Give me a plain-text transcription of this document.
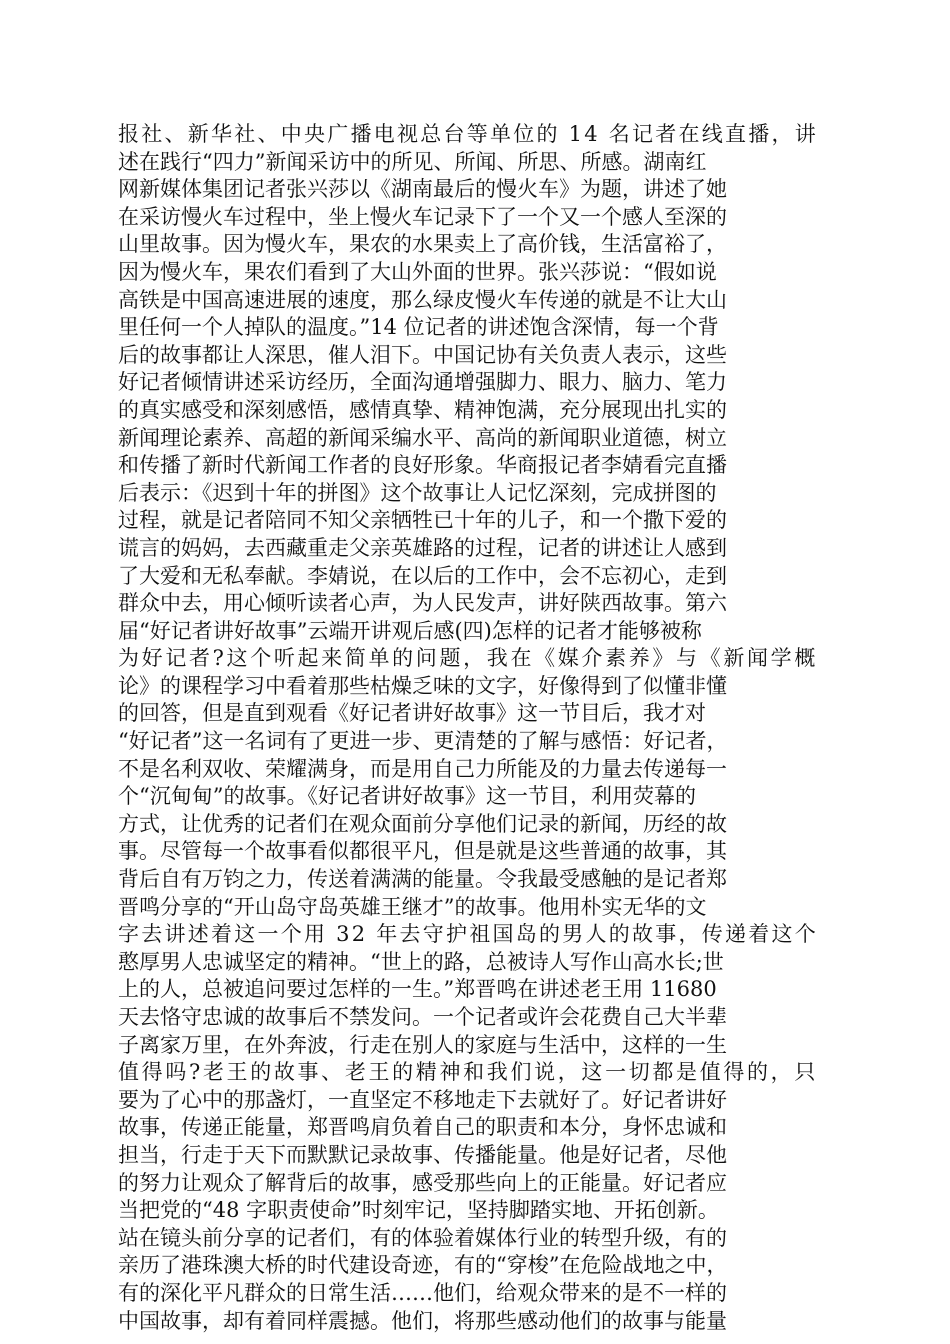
报社、新华社、中央广播电视总台等单位的 14 名记者在线直播，讲
述在践行“四力”新闻采访中的所见、所闻、所思、所感。湖南红
网新媒体集团记者张兴莎以《湖南最后的慢火车》为题，讲述了她
在采访慢火车过程中，坐上慢火车记录下了一个又一个感人至深的
山里故事。因为慢火车，果农的水果卖上了高价钱，生活富裕了，
因为慢火车，果农们看到了大山外面的世界。张兴莎说：“假如说
高铁是中国高速进展的速度，那么绿皮慢火车传递的就是不让大山
里任何一个人掉队的温度。”14 位记者的讲述饱含深情，每一个背
后的故事都让人深思，催人泪下。中国记协有关负责人表示，这些
好记者倾情讲述采访经历，全面沟通增强脚力、眼力、脑力、笔力
的真实感受和深刻感悟，感情真挚、精神饱满，充分展现出扎实的
新闻理论素养、高超的新闻采编水平、高尚的新闻职业道德，树立
和传播了新时代新闻工作者的良好形象。华商报记者李婧看完直播
后表示：《迟到十年的拼图》这个故事让人记忆深刻，完成拼图的
过程，就是记者陪同不知父亲牺牲已十年的儿子，和一个撒下爱的
谎言的妈妈，去西藏重走父亲英雄路的过程，记者的讲述让人感到
了大爱和无私奉献。李婧说，在以后的工作中，会不忘初心，走到
群众中去，用心倾听读者心声，为人民发声，讲好陕西故事。第六
届“好记者讲好故事”云端开讲观后感(四)怎样的记者才能够被称
为好记者?这个听起来简单的问题，我在《媒介素养》与《新闻学概
论》的课程学习中看着那些枯燥乏味的文字，好像得到了似懂非懂
的回答，但是直到观看《好记者讲好故事》这一节目后，我才对
“好记者”这一名词有了更进一步、更清楚的了解与感悟：好记者，
不是名利双收、荣耀满身，而是用自己力所能及的力量去传递每一
个“沉甸甸”的故事。《好记者讲好故事》这一节目，利用荧幕的
方式，让优秀的记者们在观众面前分享他们记录的新闻，历经的故
事。尽管每一个故事看似都很平凡，但是就是这些普通的故事，其
背后自有万钧之力，传送着满满的能量。令我最受感触的是记者郑
晋鸣分享的“开山岛守岛英雄王继才”的故事。他用朴实无华的文
字去讲述着这一个用 32 年去守护祖国岛的男人的故事，传递着这个
憨厚男人忠诚坚定的精神。“世上的路，总被诗人写作山高水长;世
上的人，总被追问要过怎样的一生。”郑晋鸣在讲述老王用 11680
天去恪守忠诚的故事后不禁发问。一个记者或许会花费自己大半辈
子离家万里，在外奔波，行走在别人的家庭与生活中，这样的一生
值得吗?老王的故事、老王的精神和我们说，这一切都是值得的，只
要为了心中的那盏灯，一直坚定不移地走下去就好了。好记者讲好
故事，传递正能量，郑晋鸣肩负着自己的职责和本分，身怀忠诚和
担当，行走于天下而默默记录故事、传播能量。他是好记者，尽他
的努力让观众了解背后的故事，感受那些向上的正能量。好记者应
当把党的“48 字职责使命”时刻牢记，坚持脚踏实地、开拓创新。
站在镜头前分享的记者们，有的体验着媒体行业的转型升级，有的
亲历了港珠澳大桥的时代建设奇迹，有的“穿梭”在危险战地之中，
有的深化平凡群众的日常生活……他们，给观众带来的是不一样的
中国故事，却有着同样震撼。他们，将那些感动他们的故事与能量
